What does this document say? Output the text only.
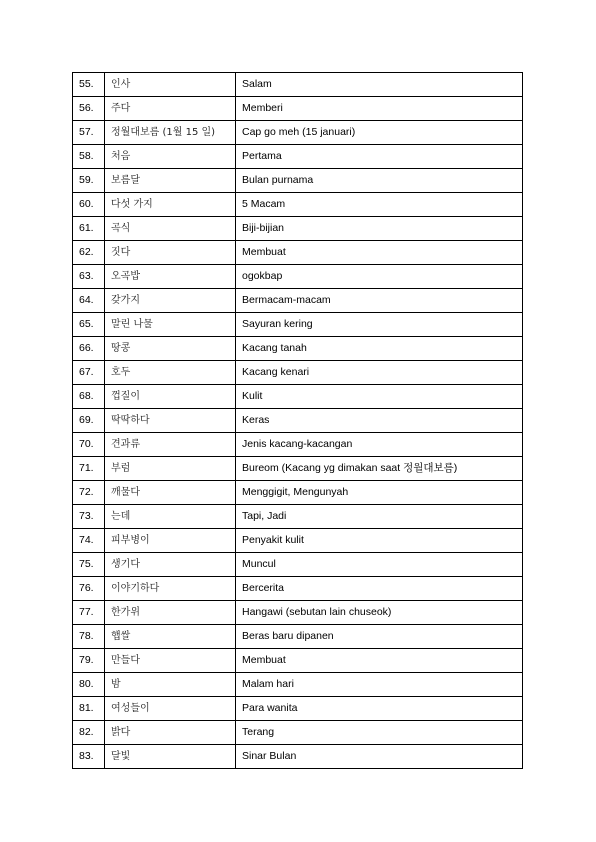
55.	인사	Salam
56.	주다	Memberi
57.	정월대보름 (1월 15 일)	Cap go meh (15 januari)
58.	처음	Pertama
59.	보름달	Bulan purnama
60.	다섯 가지	5 Macam
61.	곡식	Biji-bijian
62.	짓다	Membuat
63.	오곡밥	ogokbap
64.	갖가지	Bermacam-macam
65.	말린 나물	Sayuran kering
66.	땅콩	Kacang tanah
67.	호두	Kacang kenari
68.	껍질이	Kulit
69.	딱딱하다	Keras
70.	견과류	Jenis kacang-kacangan
71.	부럼	Bureom (Kacang yg dimakan saat 정월대보름)
72.	깨물다	Menggigit, Mengunyah
73.	는데	Tapi, Jadi
74.	피부병이	Penyakit kulit
75.	생기다	Muncul
76.	이야기하다	Bercerita
77.	한가위	Hangawi (sebutan lain chuseok)
78.	햅쌀	Beras baru dipanen
79.	만들다	Membuat
80.	밤	Malam hari
81.	여성들이	Para wanita
82.	밝다	Terang
83.	달빛	Sinar Bulan
